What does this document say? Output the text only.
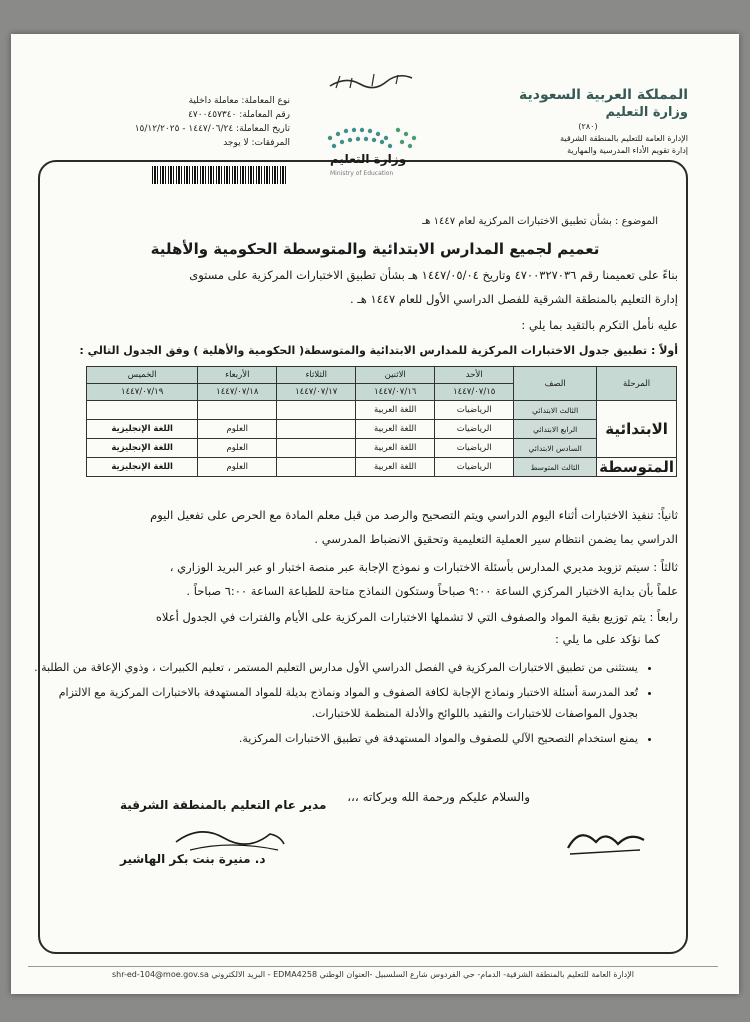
وزارة التعليم
Ministry of Education
المملكة العربية السعودية
وزارة التعليم
(٢٨٠)
الإدارة العامة للتعليم بالمنطقة الشرقية
إدارة تقويم الأداء المدرسية والمهارية
نوع المعاملة: معاملة داخلية
رقم المعاملة: ٤٧٠٠٤٥٧٣٤٠
تاريخ المعاملة: ١٤٤٧/٠٦/٢٤ - ١٥/١٢/٢٠٢٥
المرفقات: لا يوجد
الموضوع : بشأن تطبيق الاختبارات المركزية لعام ١٤٤٧ هـ
تعميم لجميع المدارس الابتدائية والمتوسطة الحكومية والأهلية
بناءً على تعميمنا رقم ٤٧٠٠٣٢٧٠٣٦ وتاريخ ١٤٤٧/٠٥/٠٤ هـ بشأن تطبيق الاختبارات المركزية على مستوى
إدارة التعليم بالمنطقة الشرقية للفصل الدراسي الأول للعام ١٤٤٧ هـ .
عليه نأمل التكرم بالتقيد بما يلي :
أولاً : تطبيق جدول الاختبارات المركزية للمدارس الابتدائية والمتوسطة( الحكومية والأهلية ) وفق الجدول التالي :
المرحلة	الصف	الأحد	الاثنين	الثلاثاء	الأربعاء	الخميس
		١٤٤٧/٠٧/١٥	١٤٤٧/٠٧/١٦	١٤٤٧/٠٧/١٧	١٤٤٧/٠٧/١٨	١٤٤٧/٠٧/١٩
الابتدائية	الثالث الابتدائي	الرياضيات	اللغة العربية			
	الرابع الابتدائي	الرياضيات	اللغة العربية		العلوم	اللغة الإنجليزية
	السادس الابتدائي	الرياضيات	اللغة العربية		العلوم	اللغة الإنجليزية
المتوسطة	الثالث المتوسط	الرياضيات	اللغة العربية		العلوم	اللغة الإنجليزية
ثانياً: تنفيذ الاختبارات أثناء اليوم الدراسي ويتم التصحيح والرصد من قبل معلم المادة مع الحرص على تفعيل اليوم
الدراسي بما يضمن انتظام سير العملية التعليمية وتحقيق الانضباط المدرسي .
ثالثاً : سيتم تزويد مديري المدارس بأسئلة الاختبارات و نموذج الإجابة عبر منصة اختبار او عبر البريد الوزاري ،
علماً بأن بداية الاختبار المركزي الساعة ٩:٠٠ صباحاً وستكون النماذج متاحة للطباعة الساعة ٦:٠٠ صباحاً .
رابعاً : يتم توزيع بقية المواد والصفوف التي لا تشملها الاختبارات المركزية على الأيام والفترات في الجدول أعلاه
كما نؤكد على ما يلي :
• يستثنى من تطبيق الاختبارات المركزية في الفصل الدراسي الأول مدارس التعليم المستمر ، تعليم الكبيرات ، وذوي الإعاقة من الطلبة .
• تُعد المدرسة أسئلة الاختبار ونماذج الإجابة لكافة الصفوف و المواد ونماذج بديلة للمواد المستهدفة بالاختبارات المركزية مع الالتزام بجدول المواصفات للاختبارات والتقيد باللوائح والأدلة المنظمة للاختبارات.
• يمنع استخدام التصحيح الآلي للصفوف والمواد المستهدفة في تطبيق الاختبارات المركزية.
والسلام عليكم ورحمة الله وبركاته ،،،
مدير عام التعليم بالمنطقة الشرقية
د. منيرة بنت بكر الهاشير
الإدارة العامة للتعليم بالمنطقة الشرقية- الدمام- حي الفردوس شارع السلسبيل -العنوان الوطني EDMA4258 - البريد الالكتروني shr-ed-104@moe.gov.sa
